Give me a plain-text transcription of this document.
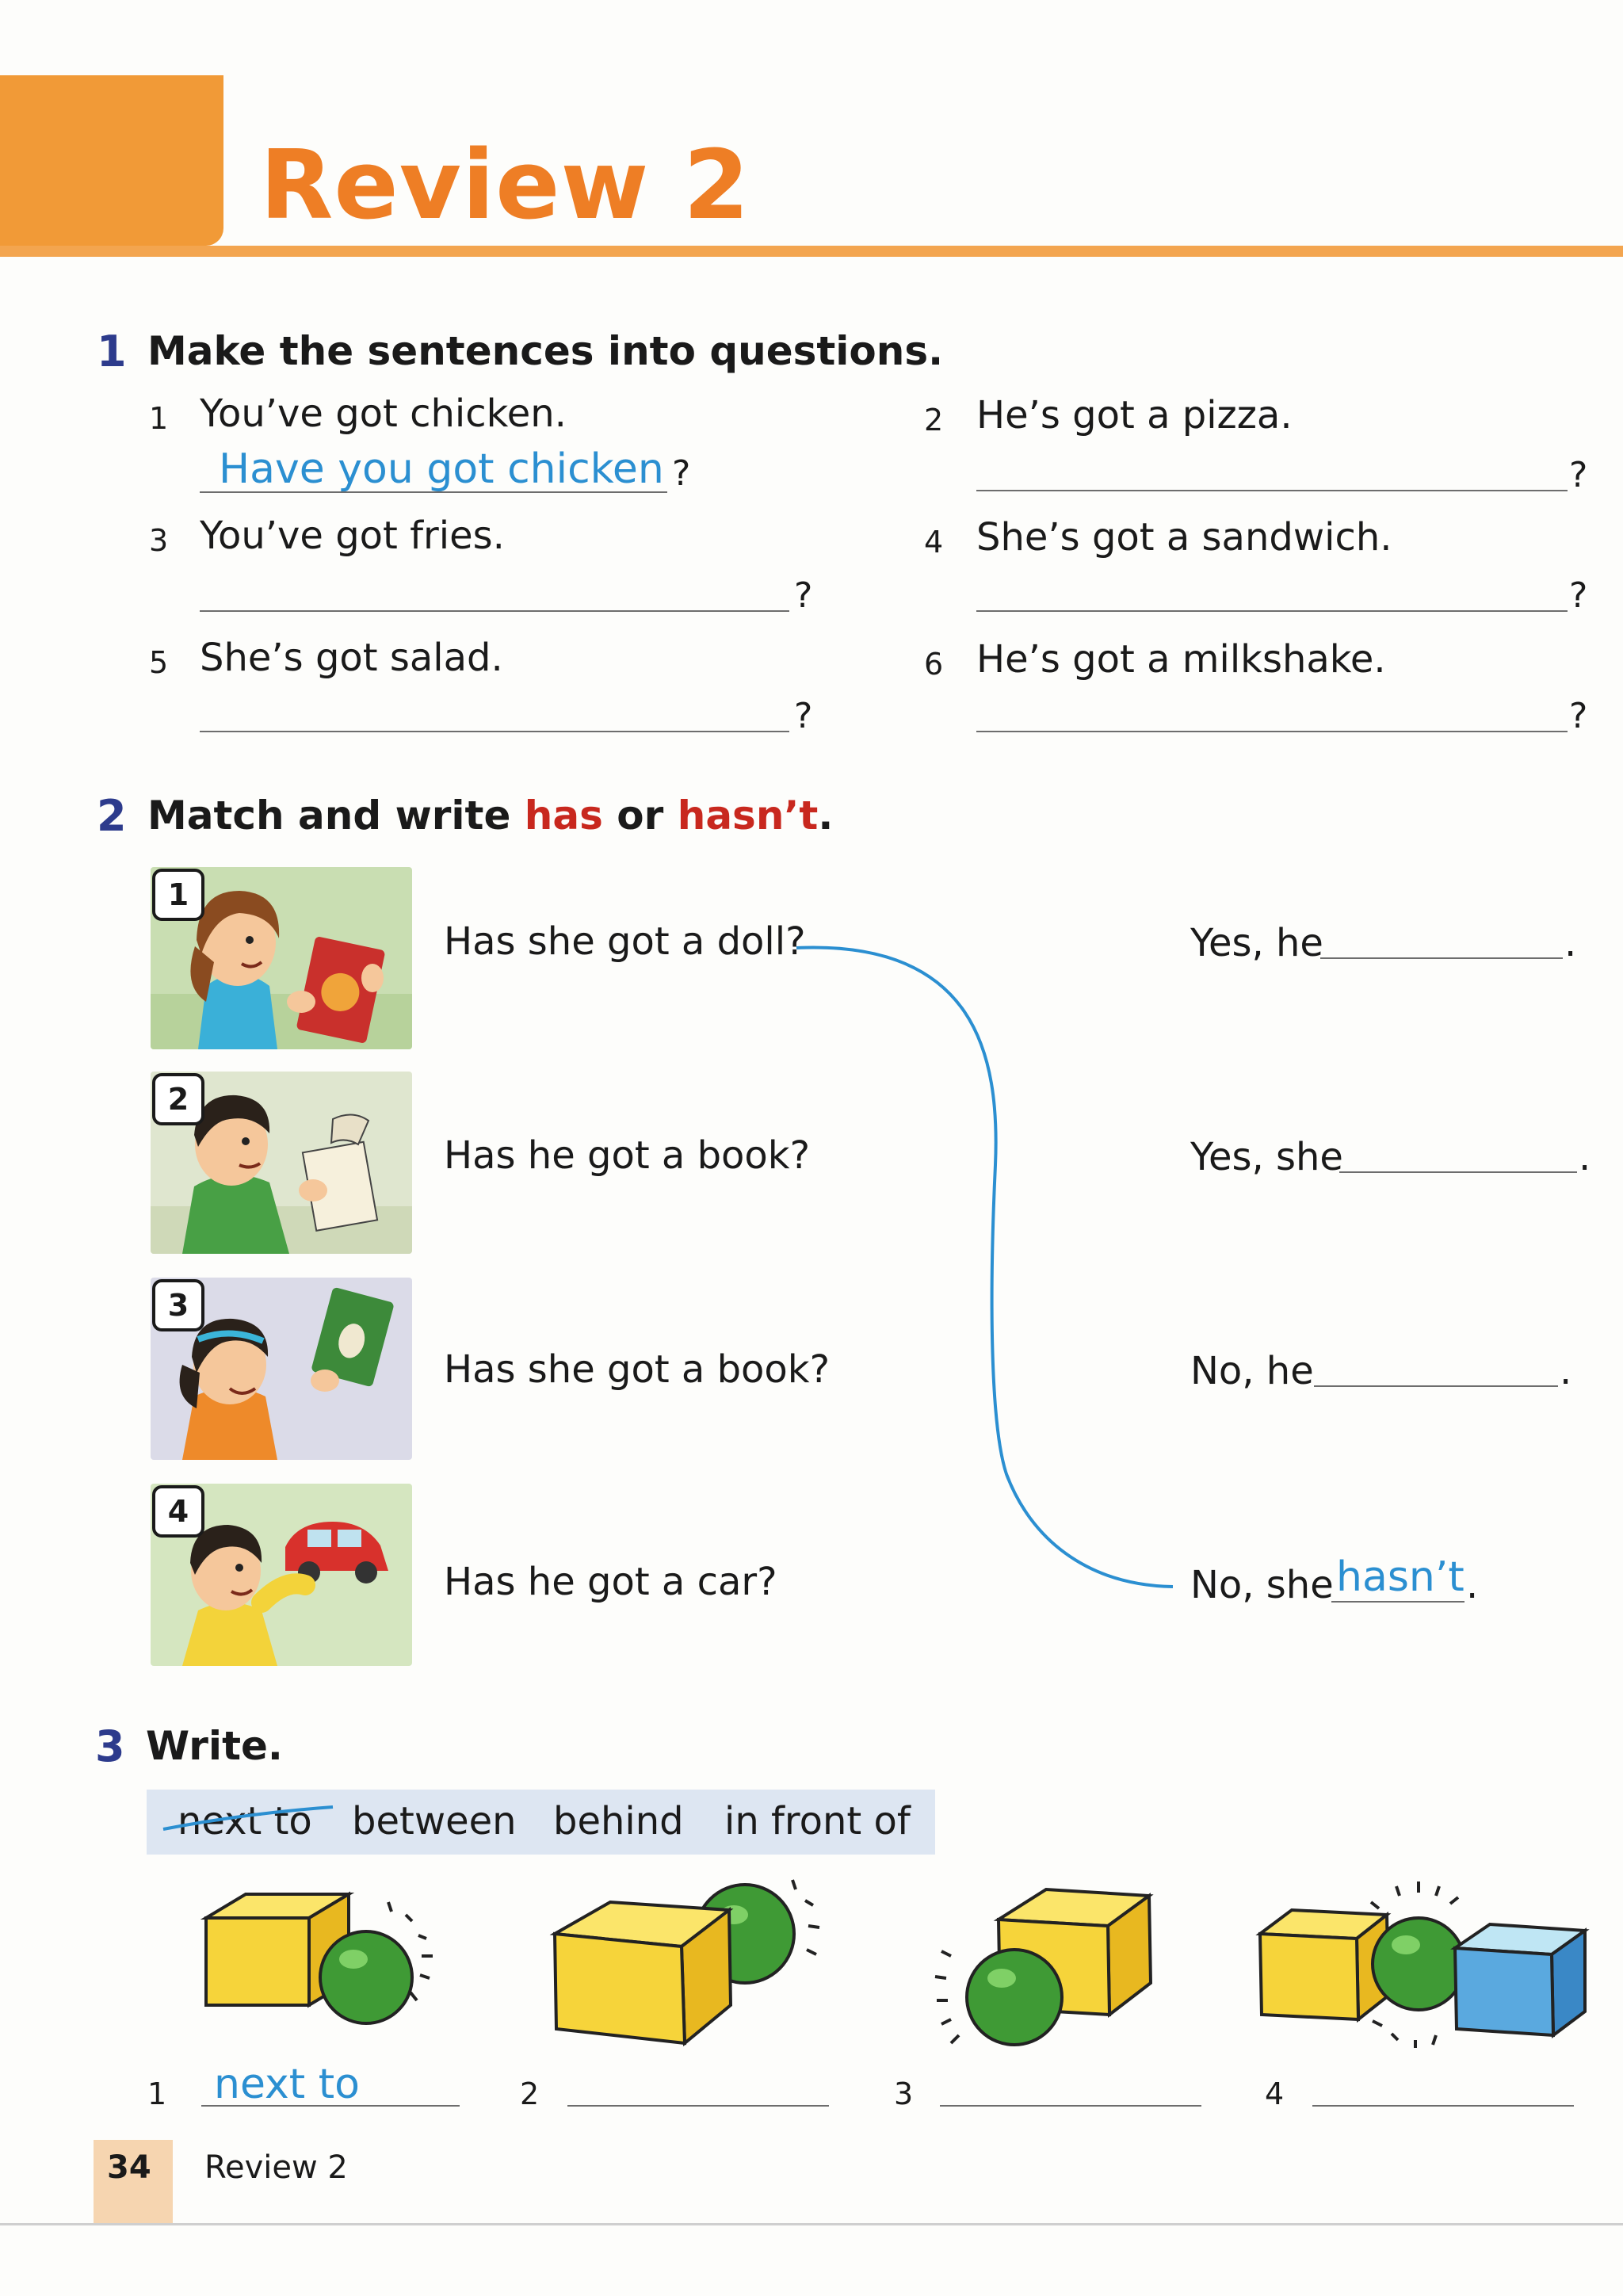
Review 2
1 Make the sentences into questions.
1 You’ve got chicken.
Have you got chicken ?
2 He’s got a pizza.
?
3 You’ve got fries.
?
4 She’s got a sandwich.
?
5 She’s got salad.
?
6 He’s got a milkshake.
?
2 Match and write has or hasn’t.
1
2
3
4
Has she got a doll?
Has he got a book?
Has she got a book?
Has he got a car?
Yes, he	.
Yes, she	.
No, he	.
No, she hasn’t .
3 Write.
next to between behind in front of
1 next to	2	3	4
34 Review 2
